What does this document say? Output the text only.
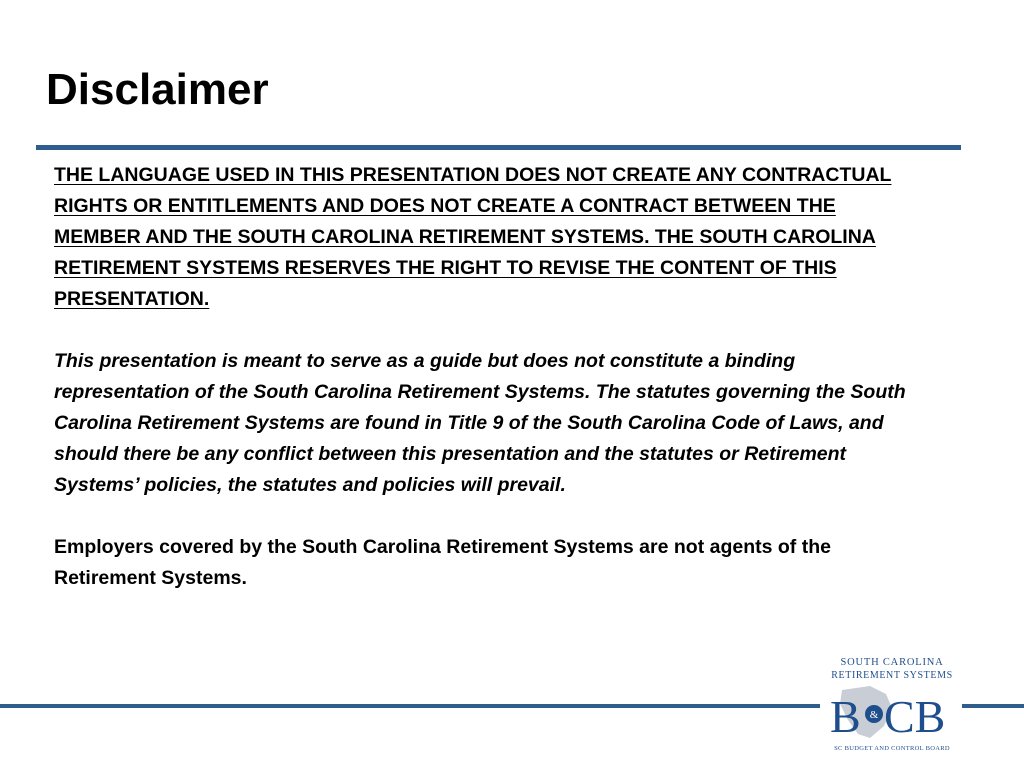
Disclaimer

THE LANGUAGE USED IN THIS PRESENTATION DOES NOT CREATE ANY CONTRACTUAL RIGHTS OR ENTITLEMENTS AND DOES NOT CREATE A CONTRACT BETWEEN THE MEMBER AND THE SOUTH CAROLINA RETIREMENT SYSTEMS. THE SOUTH CAROLINA RETIREMENT SYSTEMS RESERVES THE RIGHT TO REVISE THE CONTENT OF THIS PRESENTATION.

This presentation is meant to serve as a guide but does not constitute a binding representation of the South Carolina Retirement Systems. The statutes governing the South Carolina Retirement Systems are found in Title 9 of the South Carolina Code of Laws, and should there be any conflict between this presentation and the statutes or Retirement Systems’ policies, the statutes and policies will prevail.

Employers covered by the South Carolina Retirement Systems are not agents of the Retirement Systems.

SOUTH CAROLINA
RETIREMENT SYSTEMS
B & CB
SC BUDGET AND CONTROL BOARD
